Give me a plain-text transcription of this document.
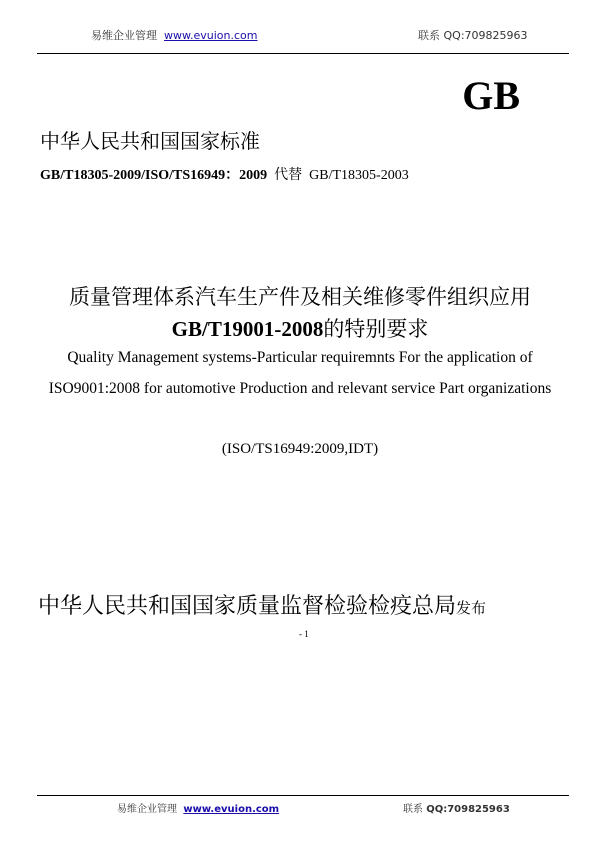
易维企业管理 www.evuion.com	联系 QQ:709825963
GB
中华人民共和国国家标准
GB/T18305-2009/ISO/TS16949：2009 代替 GB/T18305-2003
质量管理体系汽车生产件及相关维修零件组织应用
GB/T19001-2008的特别要求
Quality Management systems-Particular requiremnts For the application of
ISO9001:2008 for automotive Production and relevant service Part organizations
(ISO/TS16949:2009,IDT)
中华人民共和国国家质量监督检验检疫总局发布
- 1
易维企业管理 www.evuion.com	联系 QQ:709825963
